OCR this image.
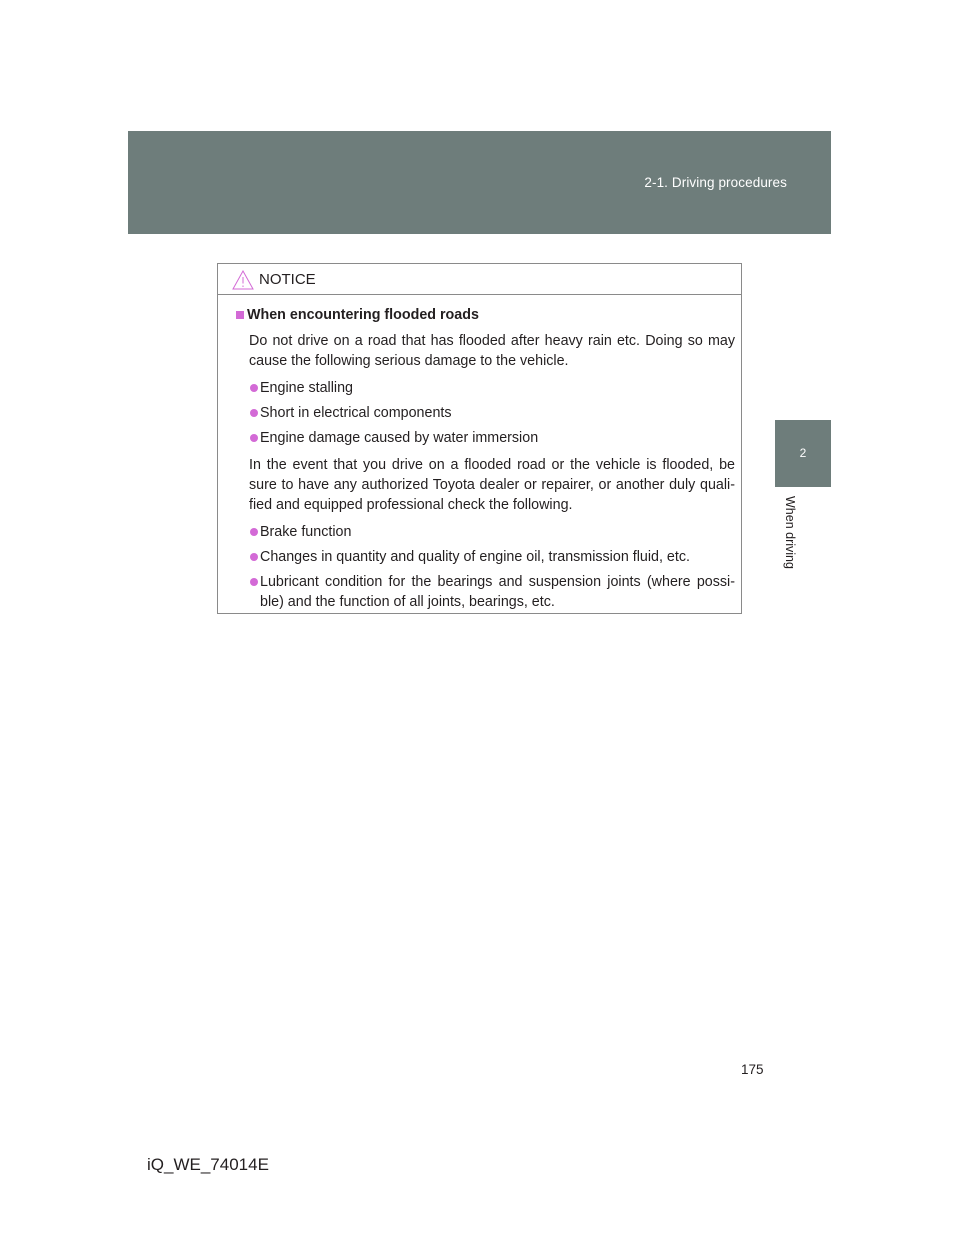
2-1. Driving procedures
2
When driving
NOTICE
When encountering flooded roads

Do not drive on a road that has flooded after heavy rain etc. Doing so may cause the following serious damage to the vehicle.

Engine stalling
Short in electrical components
Engine damage caused by water immersion

In the event that you drive on a flooded road or the vehicle is flooded, be sure to have any authorized Toyota dealer or repairer, or another duly quali-fied and equipped professional check the following.

Brake function
Changes in quantity and quality of engine oil, transmission fluid, etc.
Lubricant condition for the bearings and suspension joints (where possi-ble) and the function of all joints, bearings, etc.
175
iQ_WE_74014E
